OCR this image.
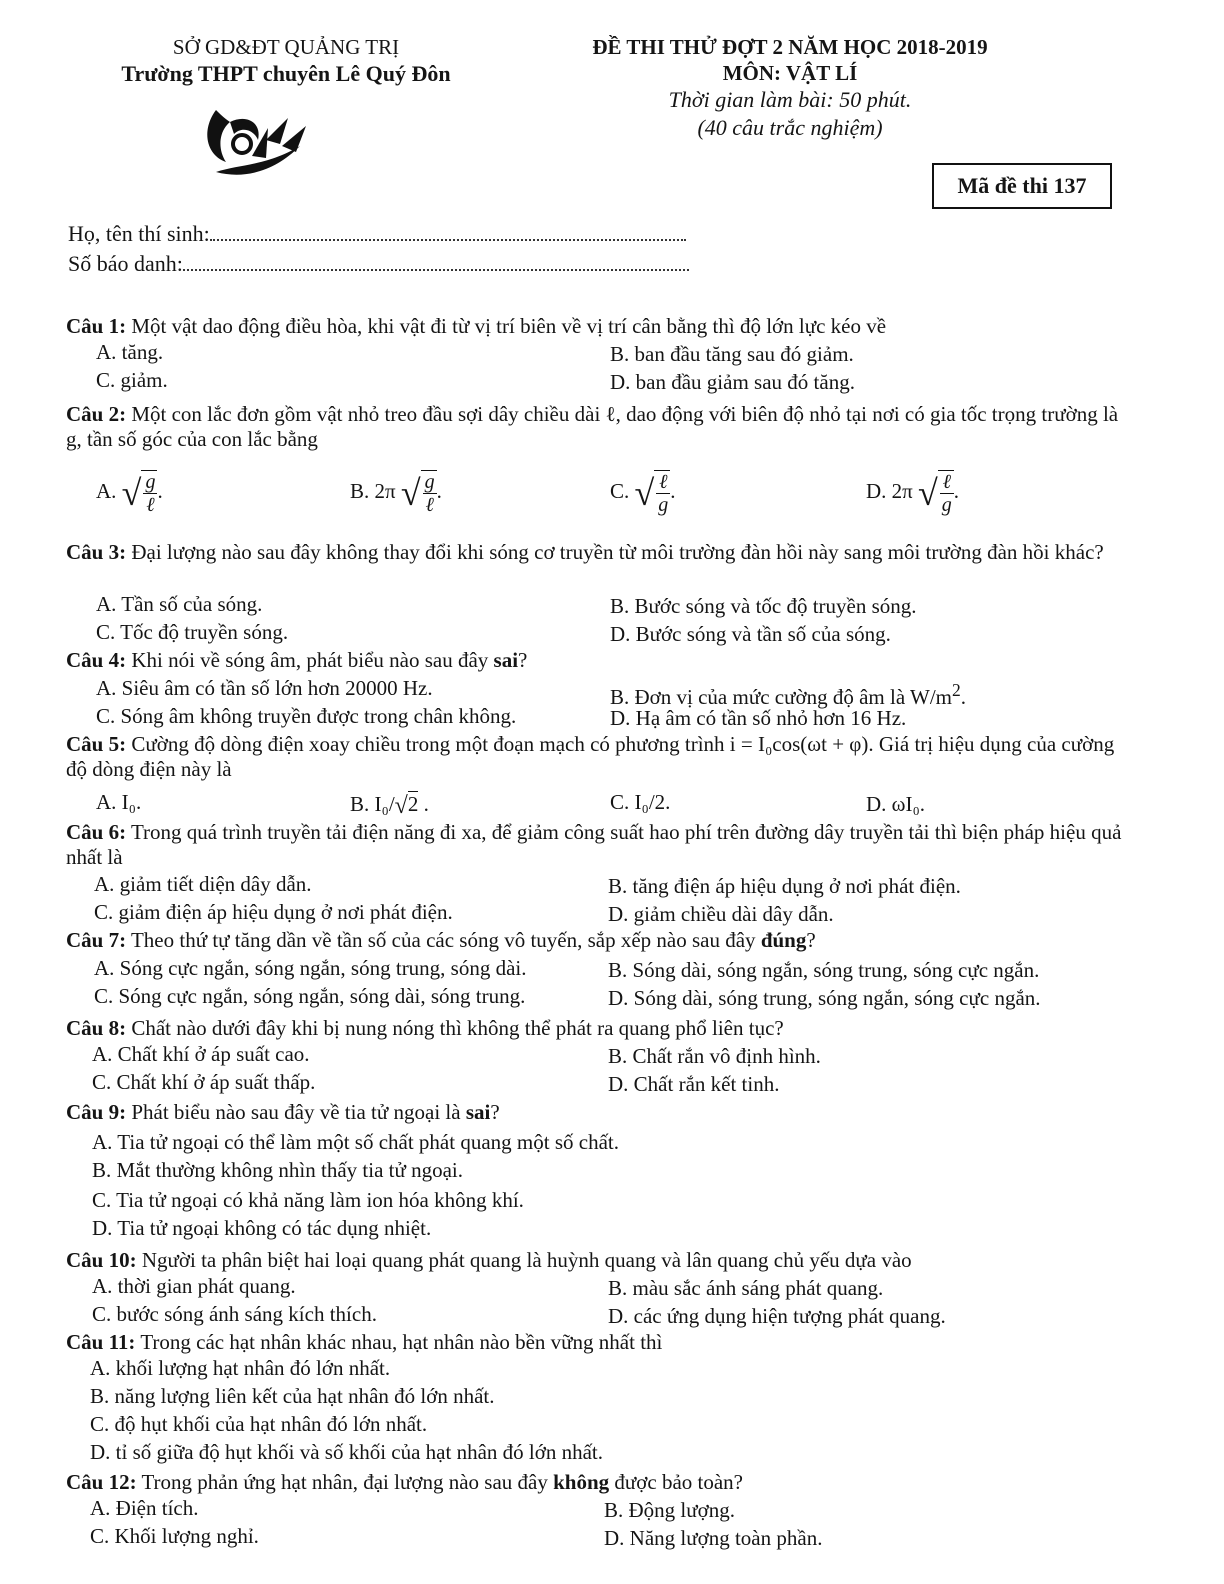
SỞ GD&ĐT QUẢNG TRỊ
Trường THPT chuyên Lê Quý Đôn
ĐỀ THI THỬ ĐỢT 2 NĂM HỌC 2018-2019
MÔN: VẬT LÍ
Thời gian làm bài: 50 phút.
(40 câu trắc nghiệm)
Mã đề thi 137
Họ, tên thí sinh:
Số báo danh:
Câu 1: Một vật dao động điều hòa, khi vật đi từ vị trí biên về vị trí cân bằng thì độ lớn lực kéo về
A. tăng.	B. ban đầu tăng sau đó giảm.
C. giảm.	D. ban đầu giảm sau đó tăng.
Câu 2: Một con lắc đơn gồm vật nhỏ treo đầu sợi dây chiều dài ℓ, dao động với biên độ nhỏ tại nơi có gia tốc trọng trường là g, tần số góc của con lắc bằng
A. √ $\frac{g}{\text{ℓ}}$ .	B. 2π √ $\frac{g}{\text{ℓ}}$ .	C. √ $\frac{\text{ℓ}}{g}$ .	D. 2π √ $\frac{\text{ℓ}}{g}$ .
Câu 3: Đại lượng nào sau đây không thay đổi khi sóng cơ truyền từ môi trường đàn hồi này sang môi trường đàn hồi khác?
A. Tần số của sóng.	B. Bước sóng và tốc độ truyền sóng.
C. Tốc độ truyền sóng.	D. Bước sóng và tần số của sóng.
Câu 4: Khi nói về sóng âm, phát biểu nào sau đây sai?
A. Siêu âm có tần số lớn hơn 20000 Hz.	B. Đơn vị của mức cường độ âm là $W/m^2$.
C. Sóng âm không truyền được trong chân không.	D. Hạ âm có tần số nhỏ hơn 16 Hz.
Câu 5: Cường độ dòng điện xoay chiều trong một đoạn mạch có phương trình i = I₀cos(ωt + φ). Giá trị hiệu dụng của cường độ dòng điện này là
A. I₀.	B. I₀/√2 .	C. I₀/2.	D. ωI₀.
Câu 6: Trong quá trình truyền tải điện năng đi xa, để giảm công suất hao phí trên đường dây truyền tải thì biện pháp hiệu quả nhất là
A. giảm tiết diện dây dẫn.	B. tăng điện áp hiệu dụng ở nơi phát điện.
C. giảm điện áp hiệu dụng ở nơi phát điện.	D. giảm chiều dài dây dẫn.
Câu 7: Theo thứ tự tăng dần về tần số của các sóng vô tuyến, sắp xếp nào sau đây đúng?
A. Sóng cực ngắn, sóng ngắn, sóng trung, sóng dài.	B. Sóng dài, sóng ngắn, sóng trung, sóng cực ngắn.
C. Sóng cực ngắn, sóng ngắn, sóng dài, sóng trung.	D. Sóng dài, sóng trung, sóng ngắn, sóng cực ngắn.
Câu 8: Chất nào dưới đây khi bị nung nóng thì không thể phát ra quang phổ liên tục?
A. Chất khí ở áp suất cao.	B. Chất rắn vô định hình.
C. Chất khí ở áp suất thấp.	D. Chất rắn kết tinh.
Câu 9: Phát biểu nào sau đây về tia tử ngoại là sai?
A. Tia tử ngoại có thể làm một số chất phát quang một số chất.
B. Mắt thường không nhìn thấy tia tử ngoại.
C. Tia tử ngoại có khả năng làm ion hóa không khí.
D. Tia tử ngoại không có tác dụng nhiệt.
Câu 10: Người ta phân biệt hai loại quang phát quang là huỳnh quang và lân quang chủ yếu dựa vào
A. thời gian phát quang.	B. màu sắc ánh sáng phát quang.
C. bước sóng ánh sáng kích thích.	D. các ứng dụng hiện tượng phát quang.
Câu 11: Trong các hạt nhân khác nhau, hạt nhân nào bền vững nhất thì
A. khối lượng hạt nhân đó lớn nhất.
B. năng lượng liên kết của hạt nhân đó lớn nhất.
C. độ hụt khối của hạt nhân đó lớn nhất.
D. tỉ số giữa độ hụt khối và số khối của hạt nhân đó lớn nhất.
Câu 12: Trong phản ứng hạt nhân, đại lượng nào sau đây không được bảo toàn?
A. Điện tích.	B. Động lượng.
C. Khối lượng nghỉ.	D. Năng lượng toàn phần.
